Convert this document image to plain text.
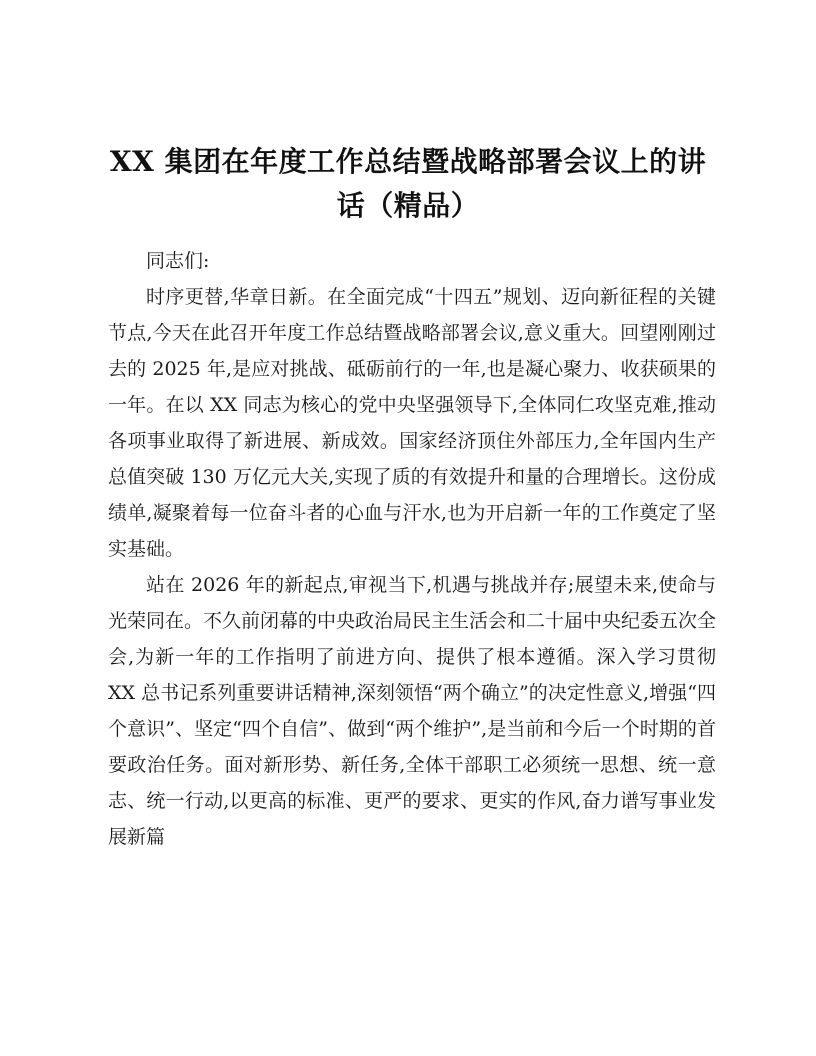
XX 集团在年度工作总结暨战略部署会议上的讲话（精品）

同志们:

时序更替,华章日新。在全面完成“十四五”规划、迈向新征程的关键节点,今天在此召开年度工作总结暨战略部署会议,意义重大。回望刚刚过去的 2025 年,是应对挑战、砥砺前行的一年,也是凝心聚力、收获硕果的一年。在以 XX 同志为核心的党中央坚强领导下,全体同仁攻坚克难,推动各项事业取得了新进展、新成效。国家经济顶住外部压力,全年国内生产总值突破 130 万亿元大关,实现了质的有效提升和量的合理增长。这份成绩单,凝聚着每一位奋斗者的心血与汗水,也为开启新一年的工作奠定了坚实基础。

站在 2026 年的新起点,审视当下,机遇与挑战并存;展望未来,使命与光荣同在。不久前闭幕的中央政治局民主生活会和二十届中央纪委五次全会,为新一年的工作指明了前进方向、提供了根本遵循。深入学习贯彻 XX 总书记系列重要讲话精神,深刻领悟“两个确立”的决定性意义,增强“四个意识”、坚定“四个自信”、做到“两个维护”,是当前和今后一个时期的首要政治任务。面对新形势、新任务,全体干部职工必须统一思想、统一意志、统一行动,以更高的标准、更严的要求、更实的作风,奋力谱写事业发展新篇
